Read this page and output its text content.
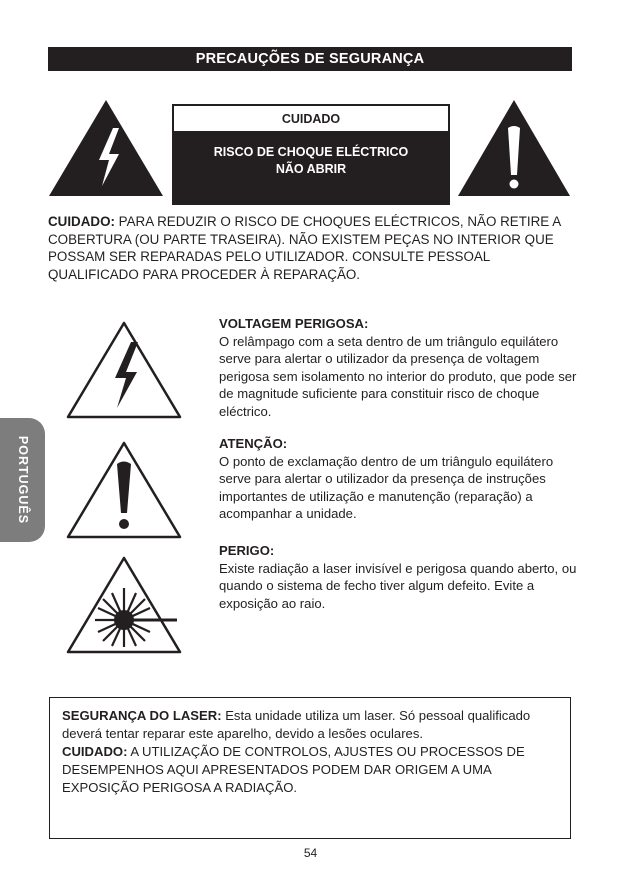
PRECAUÇÕES DE SEGURANÇA
PORTUGUÊS
CUIDADO
RISCO DE CHOQUE ELÉCTRICO
NÃO ABRIR
CUIDADO: PARA REDUZIR O RISCO DE CHOQUES ELÉCTRICOS, NÃO RETIRE A COBERTURA (OU PARTE TRASEIRA). NÃO EXISTEM PEÇAS NO INTERIOR QUE POSSAM SER REPARADAS PELO UTILIZADOR. CONSULTE PESSOAL QUALIFICADO PARA PROCEDER À REPARAÇÃO.
VOLTAGEM PERIGOSA:
O relâmpago com a seta dentro de um triângulo equilátero serve para alertar o utilizador da presença de voltagem perigosa sem isolamento no interior do produto, que pode ser de magnitude suficiente para constituir risco de choque eléctrico.
ATENÇÃO:
O ponto de exclamação dentro de um triângulo equilátero serve para alertar o utilizador da presença de instruções importantes de utilização e manutenção (reparação) a acompanhar a unidade.
PERIGO:
Existe radiação a laser invisível e perigosa quando aberto, ou quando o sistema de fecho tiver algum defeito. Evite a exposição ao raio.
SEGURANÇA DO LASER: Esta unidade utiliza um laser. Só pessoal qualificado deverá tentar reparar este aparelho, devido a lesões oculares.
CUIDADO: A UTILIZAÇÃO DE CONTROLOS, AJUSTES OU PROCESSOS DE DESEMPENHOS AQUI APRESENTADOS PODEM DAR ORIGEM A UMA EXPOSIÇÃO PERIGOSA A RADIAÇÃO.
54
